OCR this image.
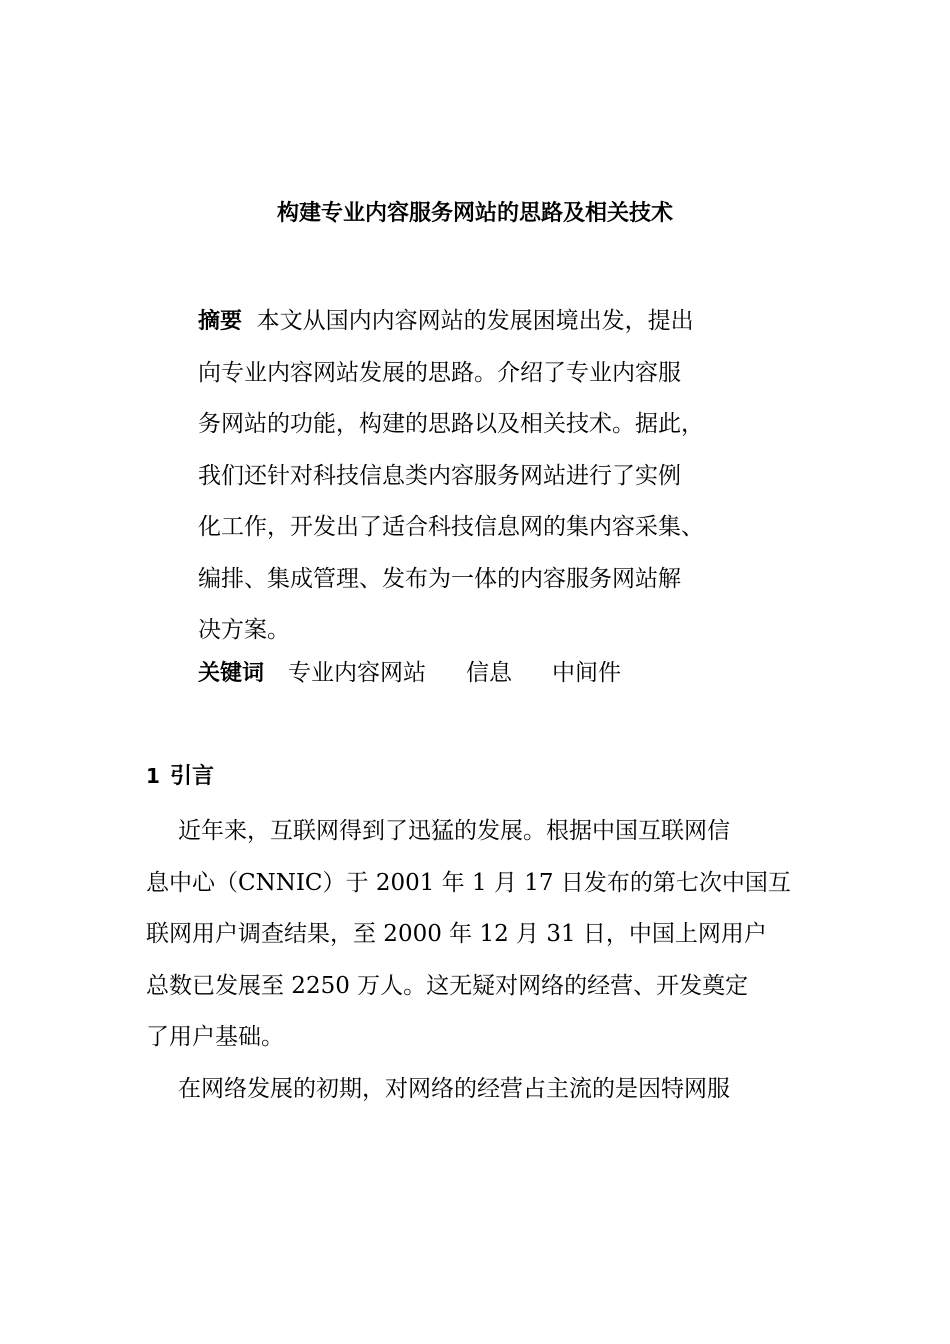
构建专业内容服务网站的思路及相关技术
摘要 本文从国内内容网站的发展困境出发，提出
向专业内容网站发展的思路。介绍了专业内容服
务网站的功能，构建的思路以及相关技术。据此，
我们还针对科技信息类内容服务网站进行了实例
化工作，开发出了适合科技信息网的集内容采集、
编排、集成管理、发布为一体的内容服务网站解
决方案。
关键词 专业内容网站 信息 中间件
1 引言
近年来，互联网得到了迅猛的发展。根据中国互联网信
息中心（CNNIC）于 2001 年 1 月 17 日发布的第七次中国互
联网用户调查结果，至 2000 年 12 月 31 日，中国上网用户
总数已发展至 2250 万人。这无疑对网络的经营、开发奠定
了用户基础。
在网络发展的初期，对网络的经营占主流的是因特网服
